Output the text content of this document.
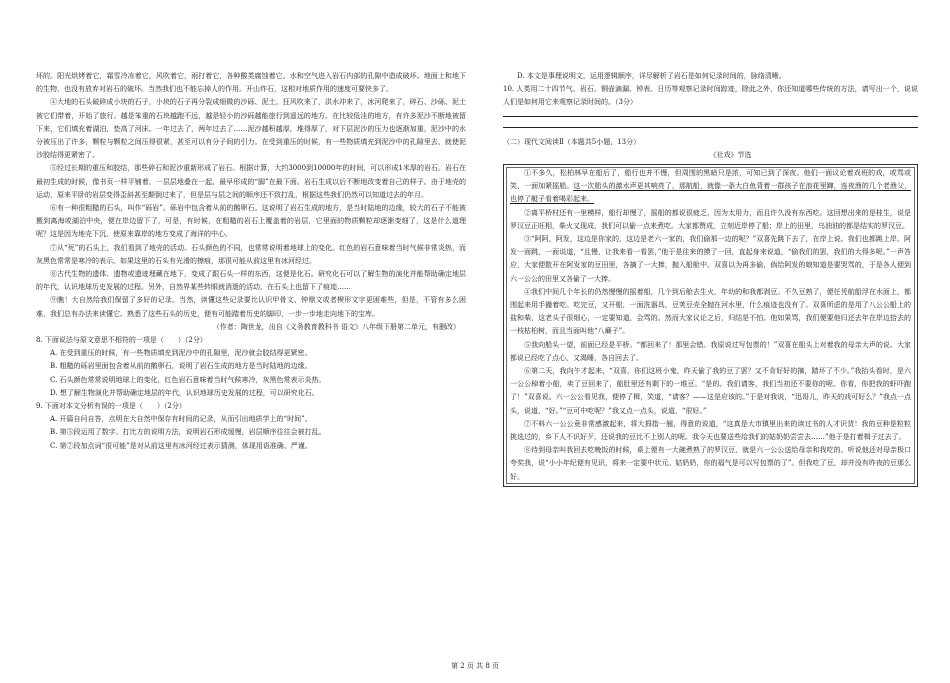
坏的。阳光烘烤着它，霜雪冷冻着它，风吹着它，雨打着它，各种酸类腐蚀着它。水和空气进入岩石内部的孔隙中造成破坏。地面上和地下的生物，也没有放弃对岩石的破坏。当然我们也不能忘掉人的作用。开山炸石，这相对地质作用的速度可要快多了。

④大地的石头破碎成小块的石子，小块的石子再分裂成细微的沙砾、泥土。狂风吹来了，洪水冲来了，冰河爬来了，碎石、沙砾、泥土被它们带着，开始了旅行。越是笨重的石块越跑不远，越是轻小的沙砾越能旅行到遥远的地方。在比较低洼的地方，有许多泥沙不断地被留下来，它们填充着湖泊，垫高了河床。一年过去了，两年过去了……泥沙越积越厚，堆得厚了，对下层泥沙的压力也逐渐加重，泥沙中的水分被压出了许多，颗粒与颗粒之间压得很紧，甚至可以有分子间的引力。在受到重压的时候，有一些物质填充到泥沙中的孔隙里去，就使泥沙胶结得更紧密了。

⑤经过长期的重压和胶结，那些碎石和泥沙重新形成了岩石。根据计算，大约3000到10000年的时间，可以形成1米厚的岩石。岩石在最初生成的时候，像书页一样平铺着，一层层地叠在一起，最早形成的“脚”在最下面。岩石生成以后不断地改变着自己的样子。由于地壳的运动，原来平卧的岩层变得歪斜甚至颠倒过来了，但是层与层之间的顺序还不致打乱，根据这些我们仍然可以知道过去的年月。

⑥有一种很粗糙的石头，叫作“砾岩”。砾岩中包含着从前的鹅卵石。这说明了岩石生成的地方，是当时陆地的边缘，较大的石子不能被搬到离海或湖泊中央，便在岸边留下了，可是，有时候，在粗糙的岩石上覆盖着的岩层，它里面的物质颗粒却逐渐变细了，这是什么道理呢？这是因为地壳下沉，使原来靠岸的地方变成了海洋的中心。

⑦从“死”的石头上，我们看到了地壳的活动。石头颜色的不同，也常常说明着地球上的变化。红色的岩石意味着当时气候非常炎热，而灰黑色常常是寒冷的表示。如果这里的石头有光滑的擦痕，那很可能从前这里有冰河经过。

⑧古代生物的遗体、遗物或遗迹埋藏在地下，变成了跟石头一样的东西，这便是化石。研究化石可以了解生物的演化并能帮助确定地层的年代，认识地球历史发展的过程。另外，自然界某些转眼就消逝的活动，在石头上也留下了痕迹……

⑨瞧！大自然给我们保留了多好的记录。当然，读懂这些记录要比认识甲骨文、钟鼎文或者楔形文字更困难些，但是，不管有多么困难，我们总有办法来读懂它。熟悉了这些石头的历史，便有可能踏着历史的脚印，一步一步地走向地下的宝库。

（作者：陶世龙，出自《义务教育教科书 语文》八年级下册第二单元，有删改）

8. 下面说法与原文意思不相符的一项是（　　）（2分）

A. 在受到重压的时候，有一些物质填充到泥沙中的孔隙里，泥沙就会胶结得更紧密。

B. 粗糙的砾岩里面包含着从前的鹅卵石，说明了岩石生成的地方是当时陆地的边缘。

C. 石头颜色常常说明地球上的变化，红色岩石意味着当时气候寒冷，灰黑色常表示炎热。

D. 想了解生物演化并帮助确定地层的年代，认识地球历史发展的过程，可以研究化石。

9. 下面对本文分析有误的一项是（　　）（2分）

A. 开篇自问自答，点明在大自然中保存有时间的记录，从而引出地质学上的“时间”。

B. 第⑤段运用了数字、打比方的说明方法，说明岩石形成缓慢，岩层顺序往往会被打乱。

C. 第⑦段加点词“很可能”是对从前这里有冰河经过表示猜测，体现用语准确、严谨。

D. 本文是事理说明文，运用逻辑顺序，详尽解析了岩石是如何记录时间的，脉络清晰。

10. 人类用二十四节气、岩石、铜壶滴漏、钟表、日历等观察记录时间踪迹，除此之外，你还知道哪些传统的方法，请写出一个，说说人们是如何用它来观察记录时间的。（3分）

（二）现代文阅读Ⅱ（本题共5小题，13分）

《社戏》节选

①不多久，松柏林早在船后了，船行也并不慢，但周围的黑暗只是浓，可知已到了深夜。他们一面议论着戏班的戏，或骂或笑，一面加紧摇船。这一次船头的激水声更其响亮了，那航船，就像一条大白鱼背着一群孩子在浪花里蹿，连夜渔的几个老渔父，也停了艇子看着喝彩起来。

②离平桥村还有一里模样，船行却慢了，摇船的都说很疲乏，因为太用力，而且许久没有东西吃。这回想出来的是桂生，说是罗汉豆正旺相，柴火又现成，我们可以偷一点来煮吃。大家都赞成，立刻近岸停了船；岸上的田里，乌油油的都是结实的罗汉豆。

③“阿阿，阿发，这边是你家的，这边是老六一家的，我们偷那一边的呢？”双喜先跳下去了，在岸上说。我们也都跳上岸。阿发一面跳，一面说道，“且慢，让我来看一看罢，”他于是往来的摸了一回，直起身来说道，“偷我们的罢，我们的大得多呢。”一声答应，大家便散开在阿发家的豆田里，各摘了一大捧，抛入船舱中。双喜以为再多偷，倘给阿发的娘知道是要哭骂的，于是各人便到六一公公的田里又各偷了一大捧。

④我们中间几个年长的仍然慢慢的摇着船，几个到后舱去生火，年幼的和我都剥豆。不久豆熟了，便任凭航船浮在水面上，都围起来用手撮着吃。吃完豆，又开船，一面洗器具，豆荚豆壳全抛在河水里，什么痕迹也没有了。双喜所虑的是用了八公公船上的盐和柴，这老头子很细心，一定要知道，会骂的。然而大家议论之后，归结是不怕。他如果骂，我们便要他归还去年在岸边拾去的一枝枯桕树，而且当面叫他“八癞子”。

⑤我向船头一望，前面已经是平桥。“都回来了！那里会错。我原说过写包票的！”双喜在船头上对着我的母亲大声的说。大家都说已经吃了点心，又渴睡，各自回去了。

⑥第二天，我向午才起来，“双喜，你们这班小鬼，昨天偷了我的豆了罢？又不肯好好的摘，踏坏了不少。”我抬头看时，是六一公公棹着小船，卖了豆回来了，船肚里还有剩下的一堆豆。“是的。我们请客，我们当初还不要你的呢。你看，你把我的虾吓跑了！”双喜说。六一公公看见我，便停了楫，笑道，“请客？——这是应该的。”于是对我说，“迅哥儿，昨天的戏可好么？”我点一点头，说道，“好。”“豆可中吃呢？”我又点一点头，说道，“很好。”

⑦不料六一公公竟非常感激起来，将大拇指一翘，得意的说道，“这真是大市镇里出来的读过书的人才识货！我的豆种是粒粒挑选过的，乡下人不识好歹，还说我的豆比不上别人的呢。我今天也要送些给我们的姑奶奶尝尝去……”他于是打着楫子过去了。

⑧待到母亲叫我回去吃晚饭的时候，桌上便有一大碗煮熟了的罗汉豆，就是六一公公送给母亲和我吃的。听说他还对母亲极口夸奖我，说“小小年纪便有见识，将来一定要中状元。姑奶奶，你的福气是可以写包票的了”。但我吃了豆，却并没有昨夜的豆那么好。

第 2 页 共 8 页
